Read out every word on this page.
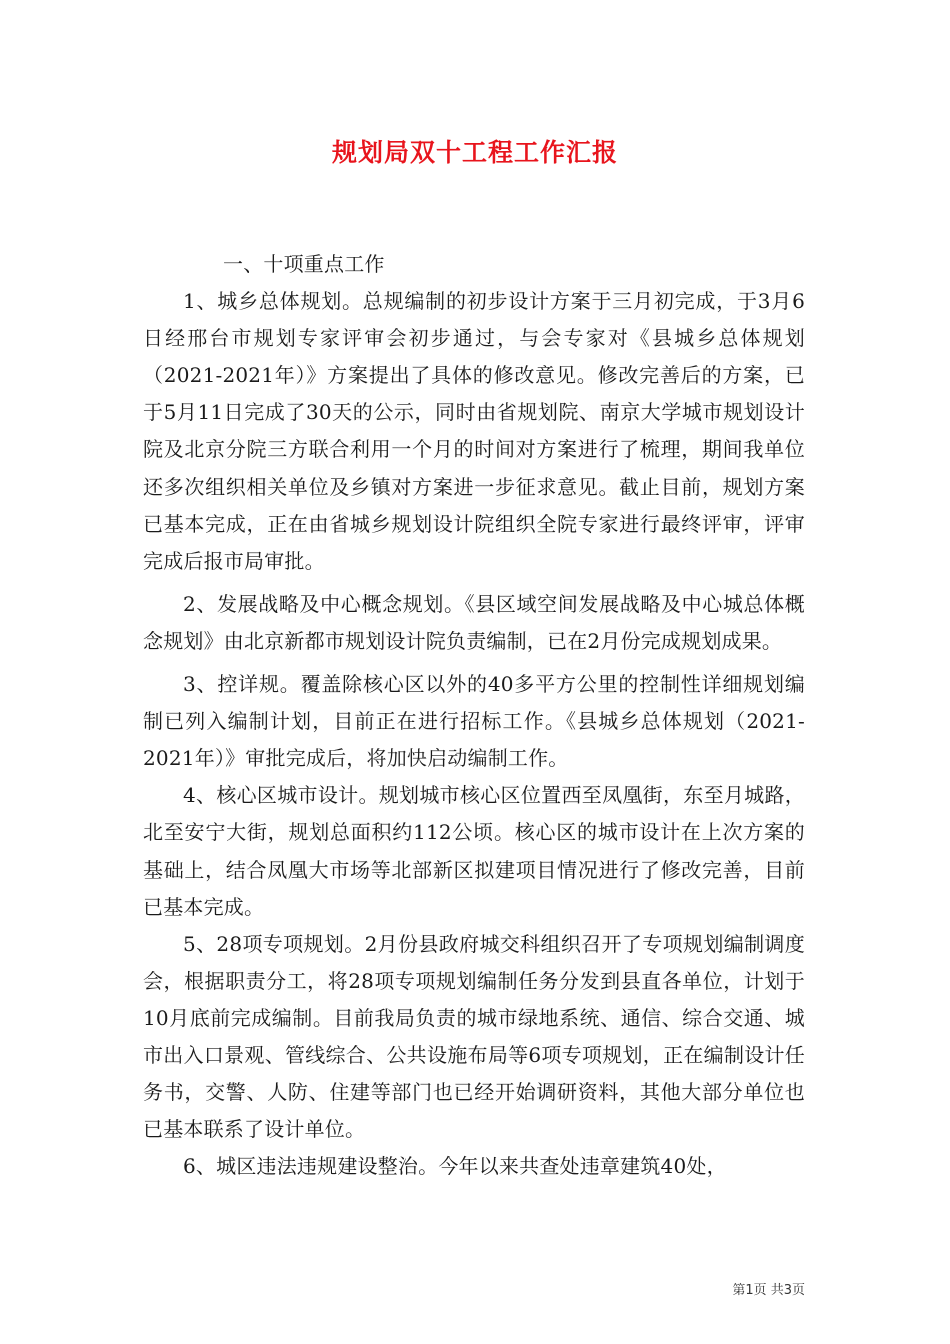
规划局双十工程工作汇报

一、十项重点工作

1、城乡总体规划。总规编制的初步设计方案于三月初完成，于3月6日经邢台市规划专家评审会初步通过，与会专家对《县城乡总体规划（2021-2021年）》方案提出了具体的修改意见。修改完善后的方案，已于5月11日完成了30天的公示，同时由省规划院、南京大学城市规划设计院及北京分院三方联合利用一个月的时间对方案进行了梳理，期间我单位还多次组织相关单位及乡镇对方案进一步征求意见。截止目前，规划方案已基本完成，正在由省城乡规划设计院组织全院专家进行最终评审，评审完成后报市局审批。

2、发展战略及中心概念规划。《县区域空间发展战略及中心城总体概念规划》由北京新都市规划设计院负责编制，已在2月份完成规划成果。

3、控详规。覆盖除核心区以外的40多平方公里的控制性详细规划编制已列入编制计划，目前正在进行招标工作。《县城乡总体规划（2021-2021年）》审批完成后，将加快启动编制工作。

4、核心区城市设计。规划城市核心区位置西至凤凰街，东至月城路，北至安宁大街，规划总面积约112公顷。核心区的城市设计在上次方案的基础上，结合凤凰大市场等北部新区拟建项目情况进行了修改完善，目前已基本完成。

5、28项专项规划。2月份县政府城交科组织召开了专项规划编制调度会，根据职责分工，将28项专项规划编制任务分发到县直各单位，计划于10月底前完成编制。目前我局负责的城市绿地系统、通信、综合交通、城市出入口景观、管线综合、公共设施布局等6项专项规划，正在编制设计任务书，交警、人防、住建等部门也已经开始调研资料，其他大部分单位也已基本联系了设计单位。

6、城区违法违规建设整治。今年以来共查处违章建筑40处，

第1页 共3页
